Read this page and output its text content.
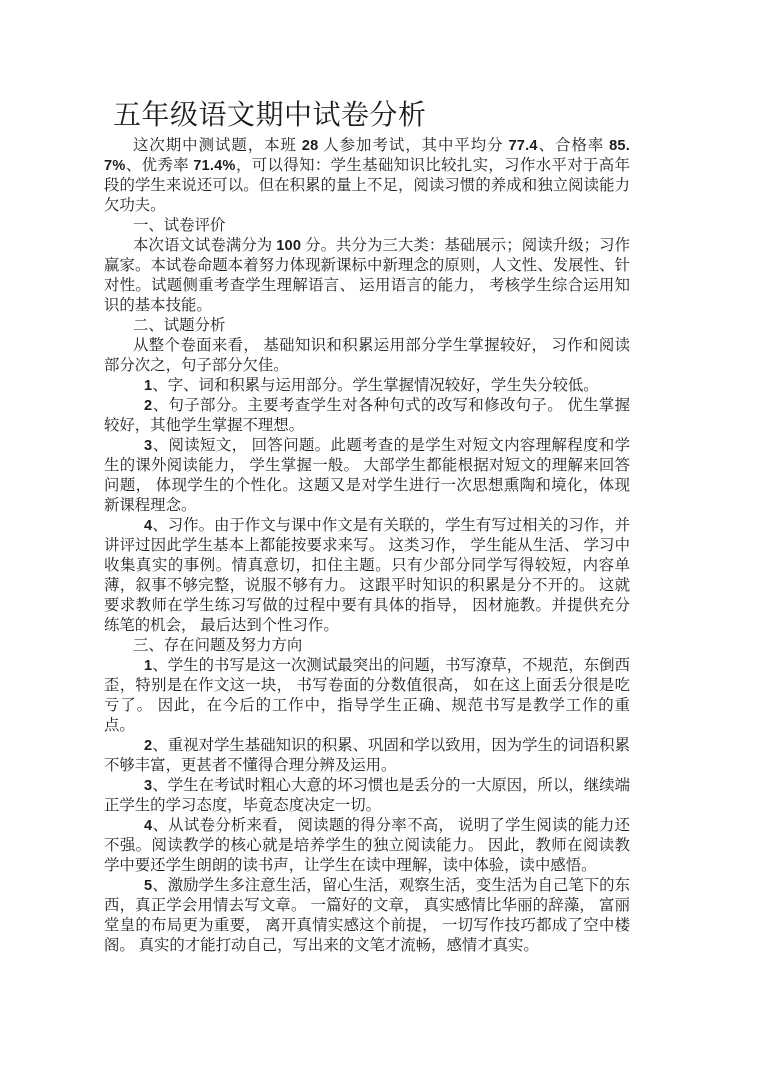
五年级语文期中试卷分析

这次期中测试题，本班 28 人参加考试，其中平均分 77.4、合格率 85.7%、优秀率 71.4%，可以得知：学生基础知识比较扎实，习作水平对于高年段的学生来说还可以。但在积累的量上不足，阅读习惯的养成和独立阅读能力欠功夫。

一、试卷评价

本次语文试卷满分为 100 分。共分为三大类：基础展示；阅读升级；习作赢家。本试卷命题本着努力体现新课标中新理念的原则，人文性、发展性、针对性。试题侧重考查学生理解语言、 运用语言的能力， 考核学生综合运用知识的基本技能。

二、试题分析

从整个卷面来看， 基础知识和积累运用部分学生掌握较好， 习作和阅读部分次之，句子部分欠佳。

1、字、词和积累与运用部分。学生掌握情况较好，学生失分较低。

2、句子部分。主要考查学生对各种句式的改写和修改句子。 优生掌握较好，其他学生掌握不理想。

3、阅读短文， 回答问题。此题考查的是学生对短文内容理解程度和学生的课外阅读能力， 学生掌握一般。 大部学生都能根据对短文的理解来回答问题， 体现学生的个性化。这题又是对学生进行一次思想熏陶和境化，体现新课程理念。

4、习作。由于作文与课中作文是有关联的，学生有写过相关的习作，并讲评过因此学生基本上都能按要求来写。 这类习作， 学生能从生活、 学习中收集真实的事例。情真意切，扣住主题。只有少部分同学写得较短，内容单薄，叙事不够完整，说服不够有力。 这跟平时知识的积累是分不开的。 这就要求教师在学生练习写做的过程中要有具体的指导， 因材施教。并提供充分练笔的机会， 最后达到个性习作。

三、存在问题及努力方向

1、学生的书写是这一次测试最突出的问题，书写潦草，不规范，东倒西歪，特别是在作文这一块， 书写卷面的分数值很高， 如在这上面丢分很是吃亏了。 因此，在今后的工作中，指导学生正确、规范书写是教学工作的重点。

2、重视对学生基础知识的积累、巩固和学以致用，因为学生的词语积累不够丰富，更甚者不懂得合理分辨及运用。

3、学生在考试时粗心大意的坏习惯也是丢分的一大原因，所以，继续端正学生的学习态度，毕竟态度决定一切。

4、从试卷分析来看， 阅读题的得分率不高， 说明了学生阅读的能力还不强。阅读教学的核心就是培养学生的独立阅读能力。 因此，教师在阅读教学中要还学生朗朗的读书声，让学生在读中理解，读中体验，读中感悟。

5、激励学生多注意生活，留心生活，观察生活，变生活为自己笔下的东西，真正学会用情去写文章。 一篇好的文章， 真实感情比华丽的辞藻， 富丽堂皇的布局更为重要， 离开真情实感这个前提， 一切写作技巧都成了空中楼阁。 真实的才能打动自己，写出来的文笔才流畅，感情才真实。
